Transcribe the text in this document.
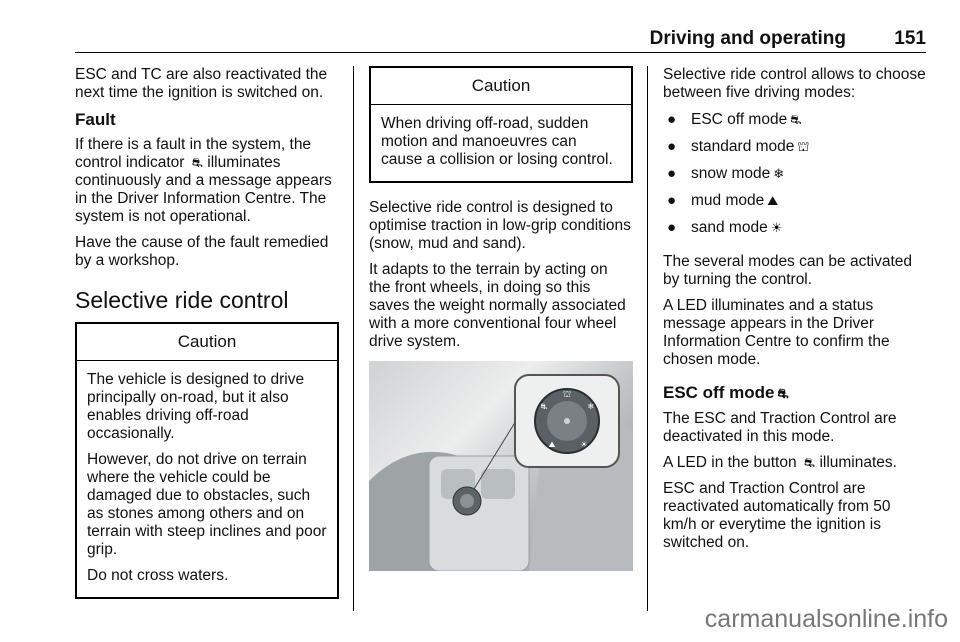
Driving and operating	151

ESC and TC are also reactivated the next time the ignition is switched on.

Fault

If there is a fault in the system, the control indicator ⛐ illuminates continuously and a message appears in the Driver Information Centre. The system is not operational.

Have the cause of the fault remedied by a workshop.

Selective ride control
Caution

The vehicle is designed to drive principally on-road, but it also enables driving off-road occasionally.

However, do not drive on terrain where the vehicle could be damaged due to obstacles, such as stones among others and on terrain with steep inclines and poor grip.

Do not cross waters.

Caution

When driving off-road, sudden motion and manoeuvres can cause a collision or losing control.

Selective ride control is designed to optimise traction in low-grip conditions (snow, mud and sand).

It adapts to the terrain by acting on the front wheels, in doing so this saves the weight normally associated with a more conventional four wheel drive system.

⛫
⛐	❄
⛰	☀

Selective ride control allows to choose between five driving modes:

● ESC off mode ⛐
● standard mode ⛫
● snow mode ❄
● mud mode ⛰
● sand mode ☀

The several modes can be activated by turning the control.

A LED illuminates and a status message appears in the Driver Information Centre to confirm the chosen mode.

ESC off mode ⛐

The ESC and Traction Control are deactivated in this mode.

A LED in the button ⛐ illuminates.

ESC and Traction Control are reactivated automatically from 50 km/h or everytime the ignition is switched on.

carmanualsonline.info
